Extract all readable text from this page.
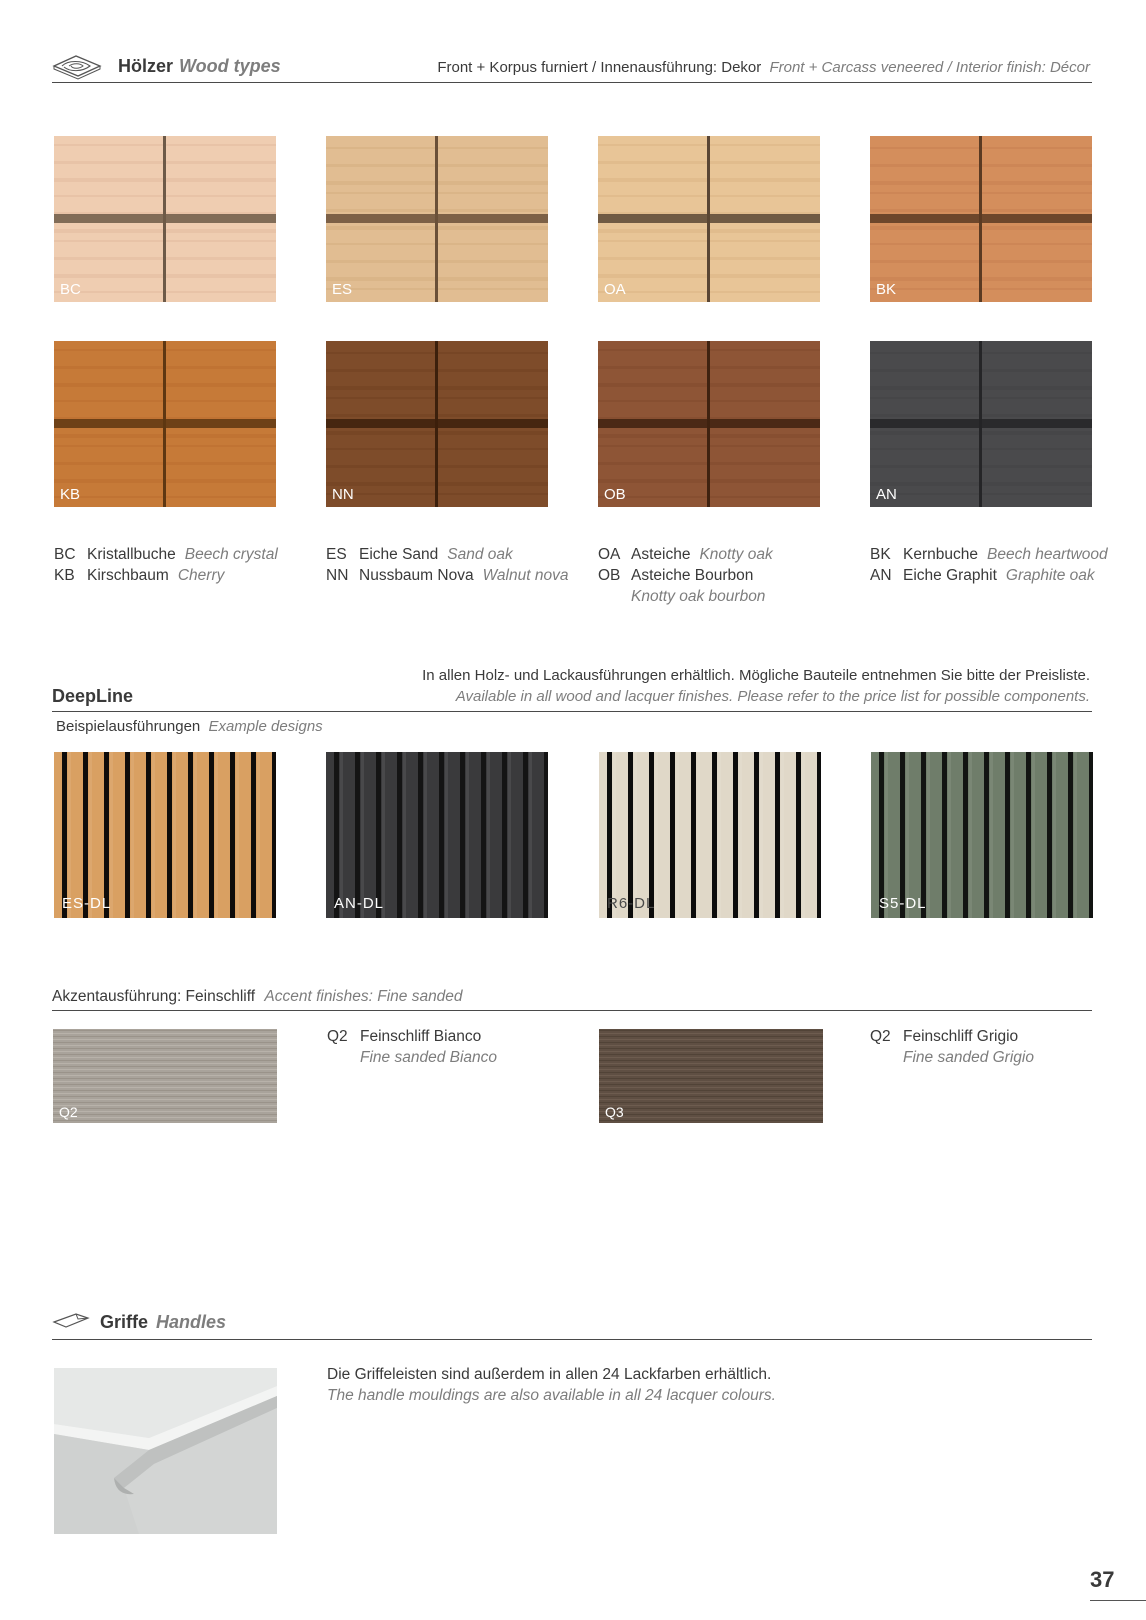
Hölzer Wood types	Front + Korpus furniert / Innenausführung: Dekor Front + Carcass veneered / Interior finish: Décor
BC	ES	OA	BK
KB	NN	OB	AN
BC Kristallbuche Beech crystal
KB Kirschbaum Cherry
ES Eiche Sand Sand oak
NN Nussbaum Nova Walnut nova
OA Asteiche Knotty oak
OB Asteiche Bourbon
Knotty oak bourbon
BK Kernbuche Beech heartwood
AN Eiche Graphit Graphite oak
DeepLine
In allen Holz- und Lackausführungen erhältlich. Mögliche Bauteile entnehmen Sie bitte der Preisliste.
Available in all wood and lacquer finishes. Please refer to the price list for possible components.
Beispielausführungen Example designs
ES-DL	AN-DL	R6-DL	S5-DL
Akzentausführung: Feinschliff Accent finishes: Fine sanded
Q2
Q2 Feinschliff Bianco
Fine sanded Bianco
Q3
Q2 Feinschliff Grigio
Fine sanded Grigio
Griffe Handles
Die Griffeleisten sind außerdem in allen 24 Lackfarben erhältlich.
The handle mouldings are also available in all 24 lacquer colours.
37
